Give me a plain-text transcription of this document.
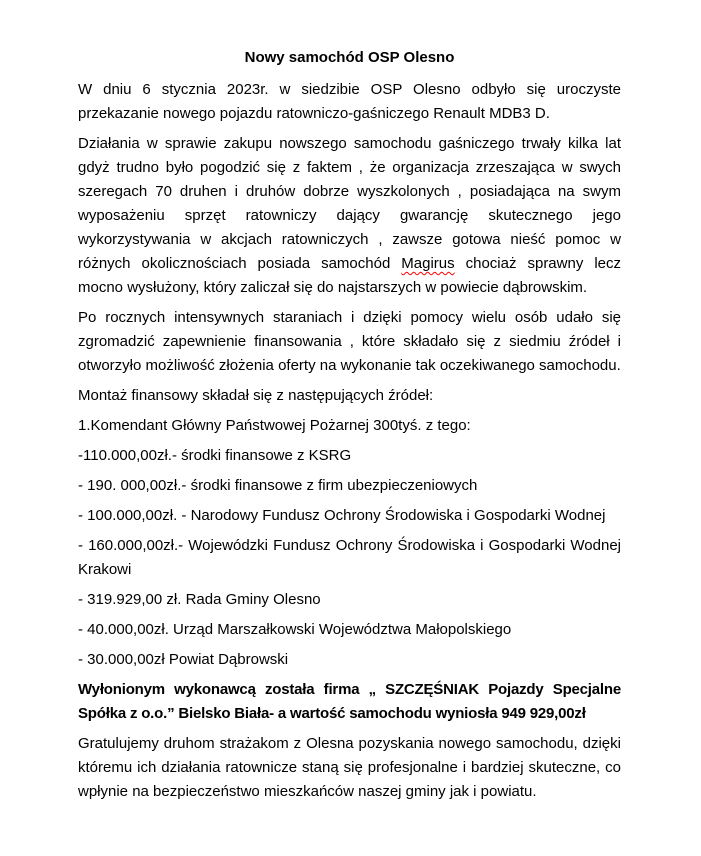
Nowy samochód OSP Olesno

W dniu 6 stycznia 2023r. w siedzibie OSP Olesno odbyło się uroczyste przekazanie nowego pojazdu ratowniczo-gaśniczego Renault MDB3 D.

Działania w sprawie zakupu nowszego samochodu gaśniczego trwały kilka lat gdyż trudno było pogodzić się z faktem , że organizacja zrzeszająca w swych szeregach 70 druhen i druhów dobrze wyszkolonych , posiadająca na swym wyposażeniu sprzęt ratowniczy dający gwarancję skutecznego jego wykorzystywania w akcjach ratowniczych , zawsze gotowa nieść pomoc w różnych okolicznościach posiada samochód Magirus chociaż sprawny lecz mocno wysłużony, który zaliczał się do najstarszych w powiecie dąbrowskim.

Po rocznych intensywnych staraniach i dzięki pomocy wielu osób udało się zgromadzić zapewnienie finansowania , które składało się z siedmiu źródeł i otworzyło możliwość złożenia oferty na wykonanie tak oczekiwanego samochodu.

Montaż finansowy składał się z następujących źródeł:

1.Komendant Główny Państwowej Pożarnej 300tyś. z tego:

-110.000,00zł.- środki finansowe z KSRG

- 190. 000,00zł.- środki finansowe z firm ubezpieczeniowych

- 100.000,00zł. - Narodowy Fundusz Ochrony Środowiska i Gospodarki Wodnej

- 160.000,00zł.- Wojewódzki Fundusz Ochrony Środowiska i Gospodarki Wodnej Krakowi

- 319.929,00 zł. Rada Gminy Olesno

- 40.000,00zł. Urząd Marszałkowski Województwa Małopolskiego

- 30.000,00zł Powiat Dąbrowski

Wyłonionym wykonawcą została firma „ SZCZĘŚNIAK Pojazdy Specjalne Spółka z o.o.” Bielsko Biała- a wartość samochodu wyniosła 949 929,00zł

Gratulujemy druhom strażakom z Olesna pozyskania nowego samochodu, dzięki któremu ich działania ratownicze staną się profesjonalne i bardziej skuteczne, co wpłynie na bezpieczeństwo mieszkańców naszej gminy jak i powiatu.
